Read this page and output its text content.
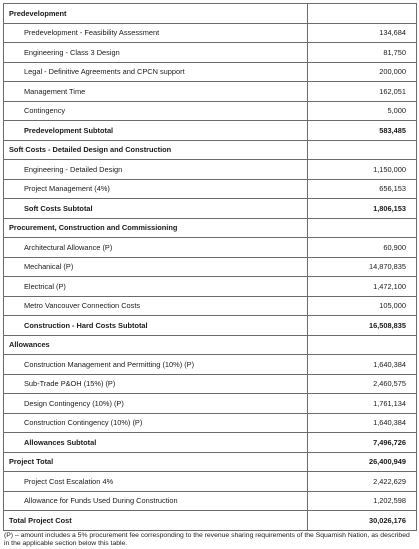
Predevelopment	
Predevelopment - Feasibility Assessment	134,684
Engineering - Class 3 Design	81,750
Legal - Definitive Agreements and CPCN support	200,000
Management Time	162,051
Contingency	5,000
Predevelopment Subtotal	583,485
Soft Costs - Detailed Design and Construction	
Engineering - Detailed Design	1,150,000
Project Management (4%)	656,153
Soft Costs Subtotal	1,806,153
Procurement, Construction and Commissioning	
Architectural Allowance (P)	60,900
Mechanical (P)	14,870,835
Electrical (P)	1,472,100
Metro Vancouver Connection Costs	105,000
Construction - Hard Costs Subtotal	16,508,835
Allowances	
Construction Management and Permitting (10%) (P)	1,640,384
Sub-Trade P&OH (15%) (P)	2,460,575
Design Contingency (10%) (P)	1,761,134
Construction Contingency (10%) (P)	1,640,384
Allowances Subtotal	7,496,726
Project Total	26,400,949
Project Cost Escalation 4%	2,422,629
Allowance for Funds Used During Construction	1,202,598
Total Project Cost	30,026,176
(P) – amount includes a 5% procurement fee corresponding to the revenue sharing requirements of the Squamish Nation, as described in the applicable section below this table.
